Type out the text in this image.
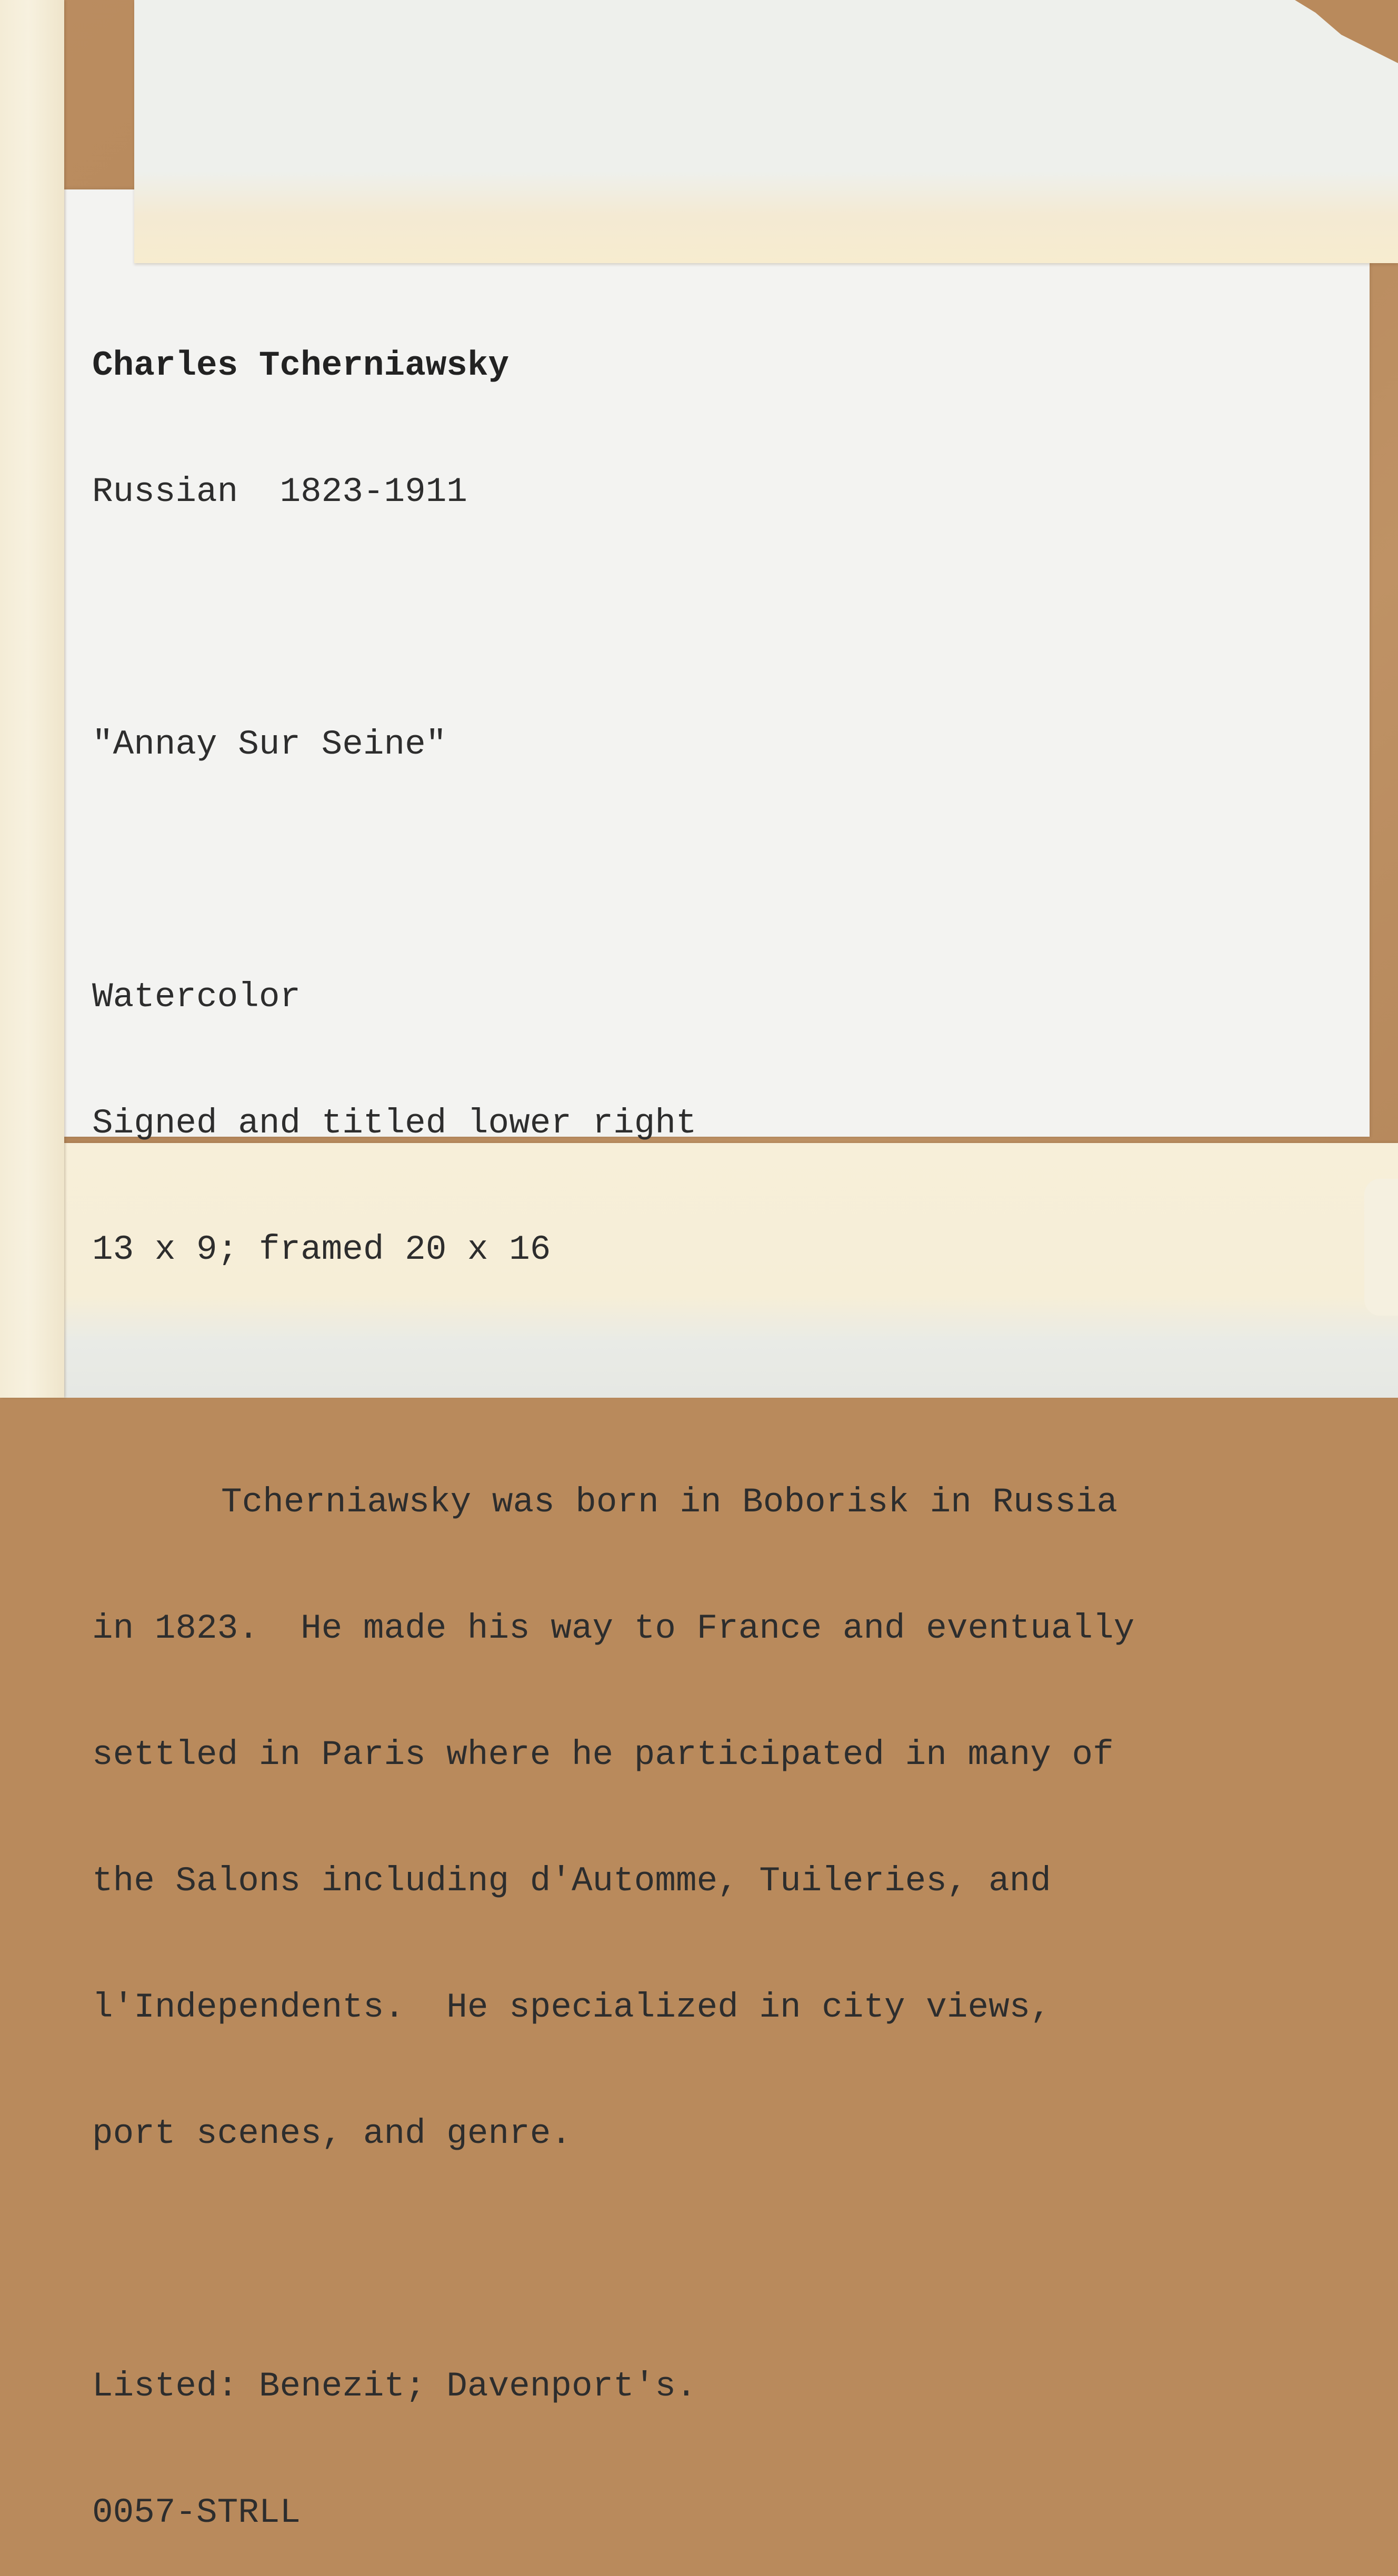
Charles Tcherniawsky

Russian  1823-1911

"Annay Sur Seine"

Watercolor

Signed and titled lower right

13 x 9; framed 20 x 16

Tcherniawsky was born in Boborisk in Russia

in 1823.  He made his way to France and eventually

settled in Paris where he participated in many of

the Salons including d'Automme, Tuileries, and

l'Independents.  He specialized in city views,

port scenes, and genre.

Listed: Benezit; Davenport's.

0057-STRLL
